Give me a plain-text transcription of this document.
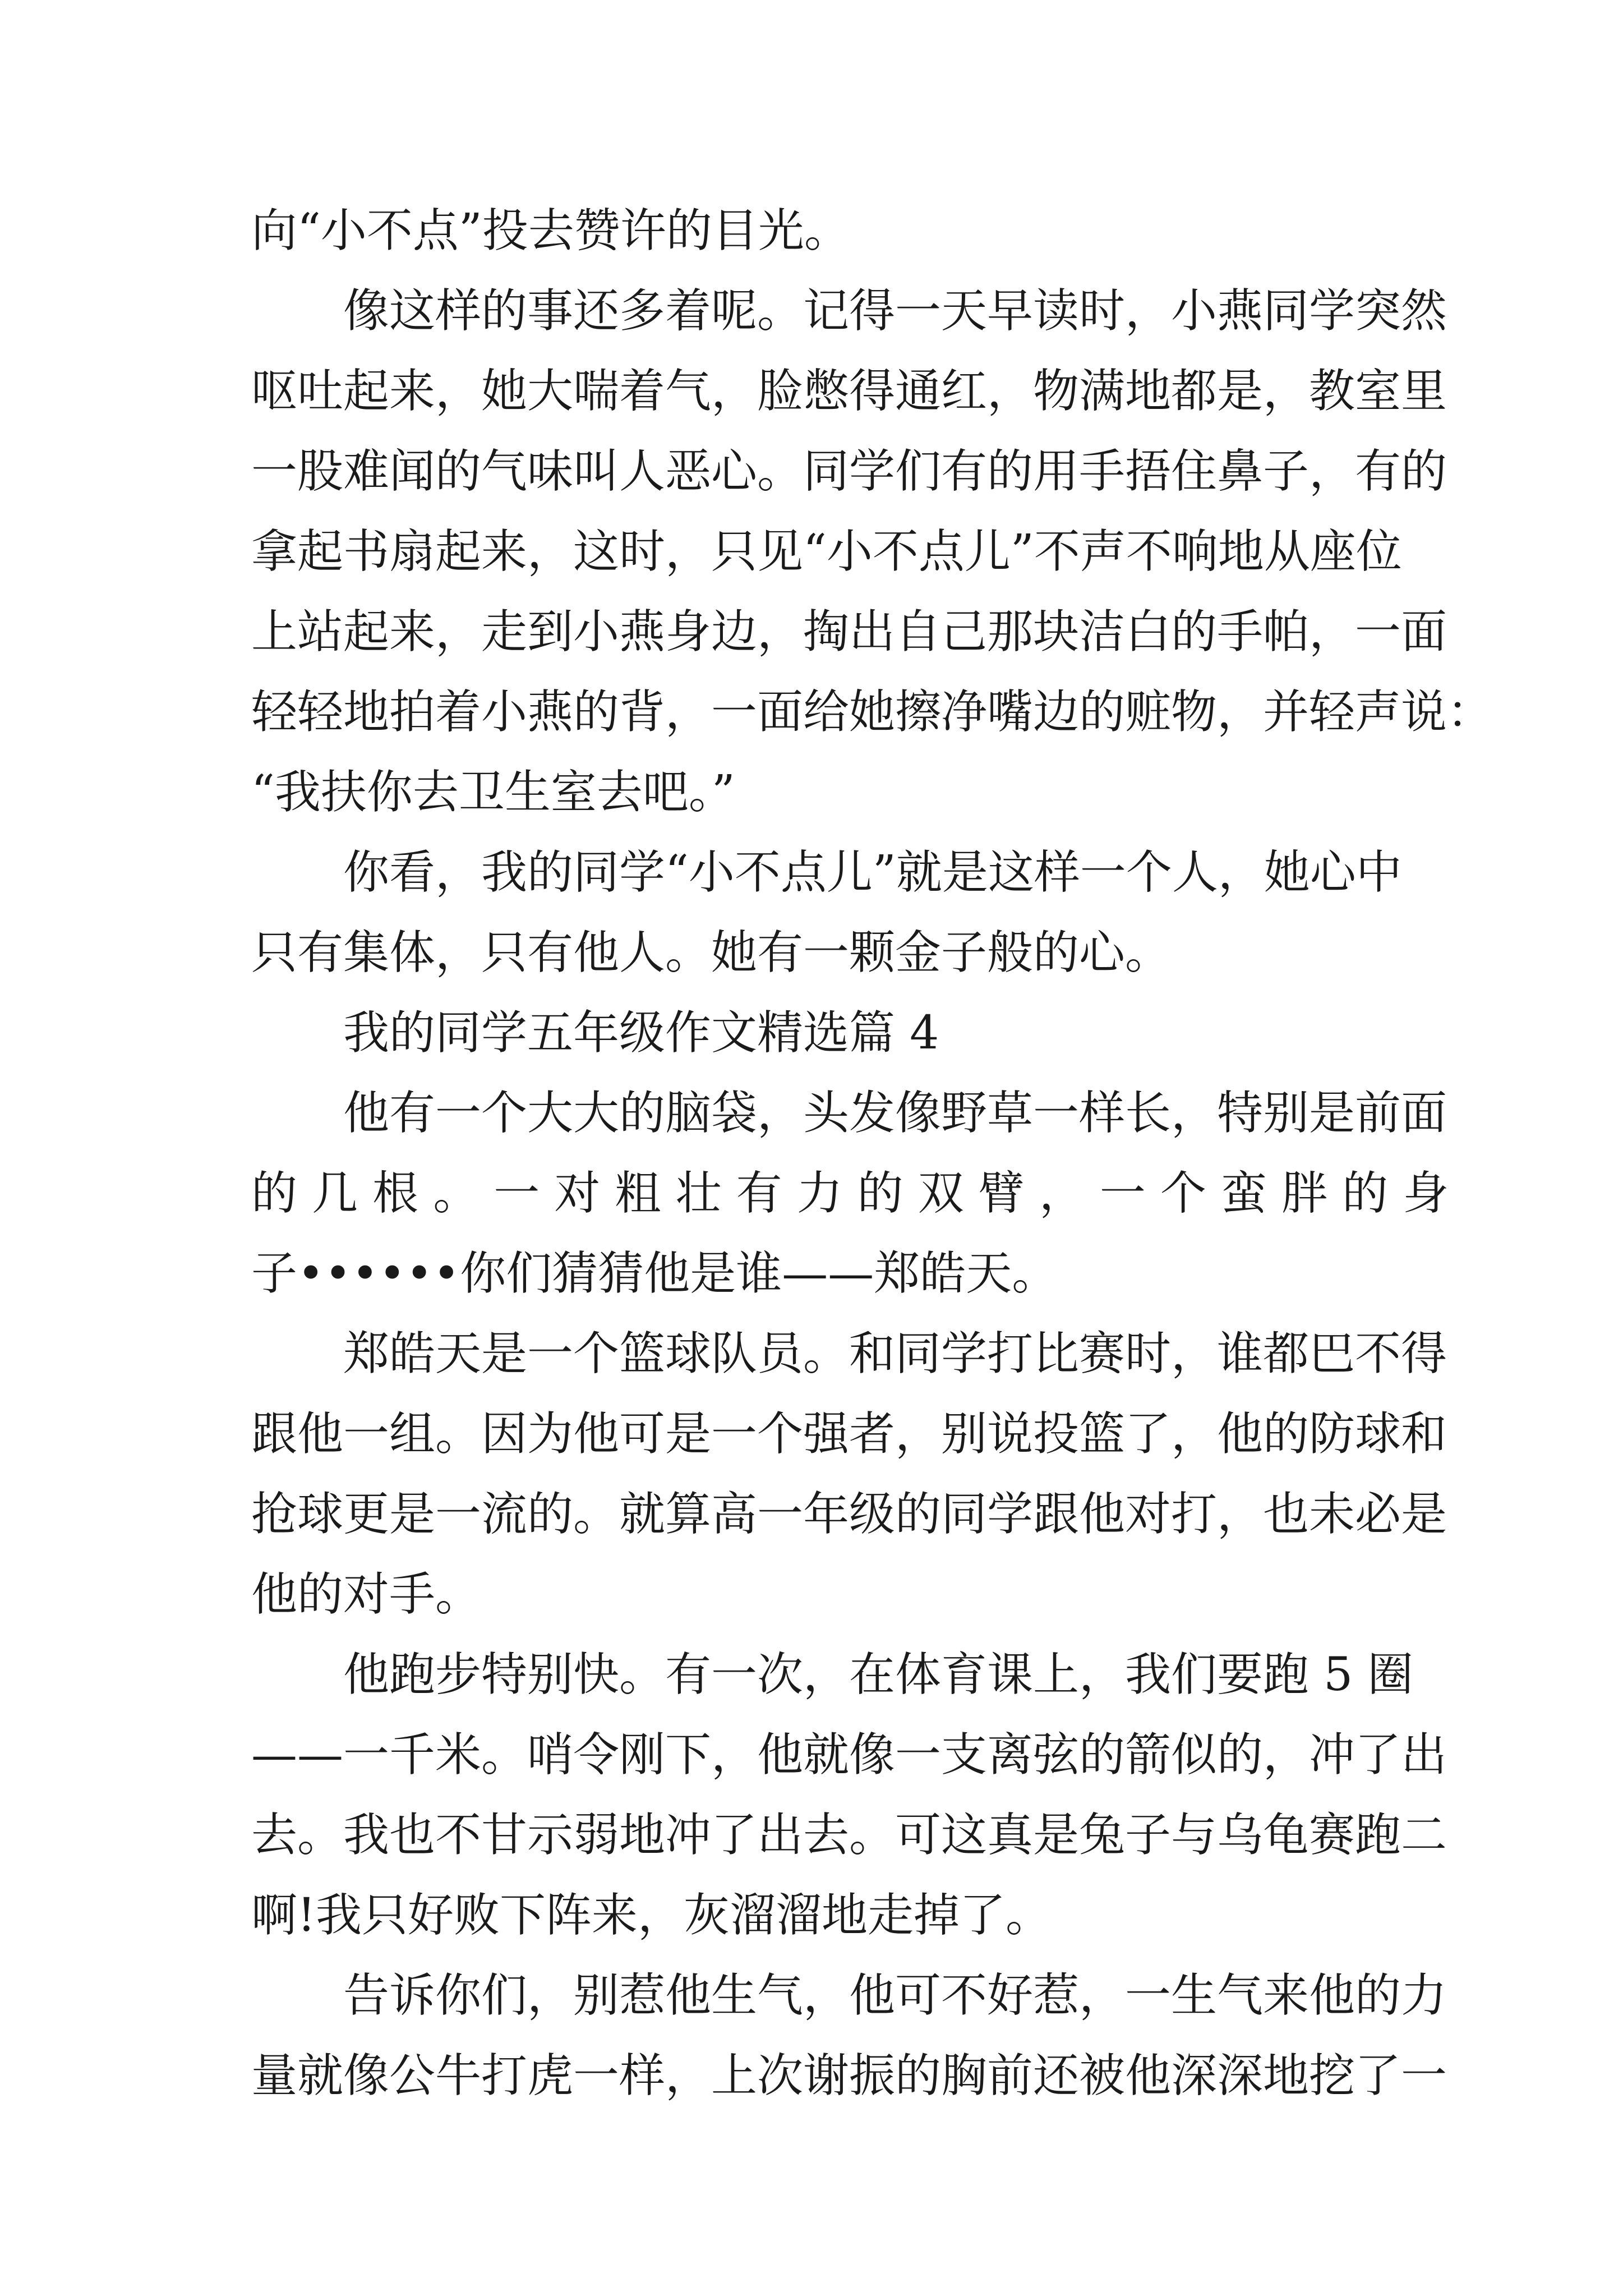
向“小不点”投去赞许的目光。
像这样的事还多着呢。记得一天早读时，小燕同学突然
呕吐起来，她大喘着气，脸憋得通红，物满地都是，教室里
一股难闻的气味叫人恶心。同学们有的用手捂住鼻子，有的
拿起书扇起来，这时，只见“小不点儿”不声不响地从座位
上站起来，走到小燕身边，掏出自己那块洁白的手帕，一面
轻轻地拍着小燕的背，一面给她擦净嘴边的赃物，并轻声说：
“我扶你去卫生室去吧。”
你看，我的同学“小不点儿”就是这样一个人，她心中
只有集体，只有他人。她有一颗金子般的心。
我的同学五年级作文精选篇 4
他有一个大大的脑袋，头发像野草一样长，特别是前面
的 几 根 。 一 对 粗 壮 有 力 的 双 臂 ， 一 个 蛮 胖 的 身
子••••••你们猜猜他是谁——郑皓天。
郑皓天是一个篮球队员。和同学打比赛时，谁都巴不得
跟他一组。因为他可是一个强者，别说投篮了，他的防球和
抢球更是一流的。就算高一年级的同学跟他对打，也未必是
他的对手。
他跑步特别快。有一次，在体育课上，我们要跑 5 圈
——一千米。哨令刚下，他就像一支离弦的箭似的，冲了出
去。我也不甘示弱地冲了出去。可这真是兔子与乌龟赛跑二
啊!我只好败下阵来，灰溜溜地走掉了。
告诉你们，别惹他生气，他可不好惹，一生气来他的力
量就像公牛打虎一样，上次谢振的胸前还被他深深地挖了一
